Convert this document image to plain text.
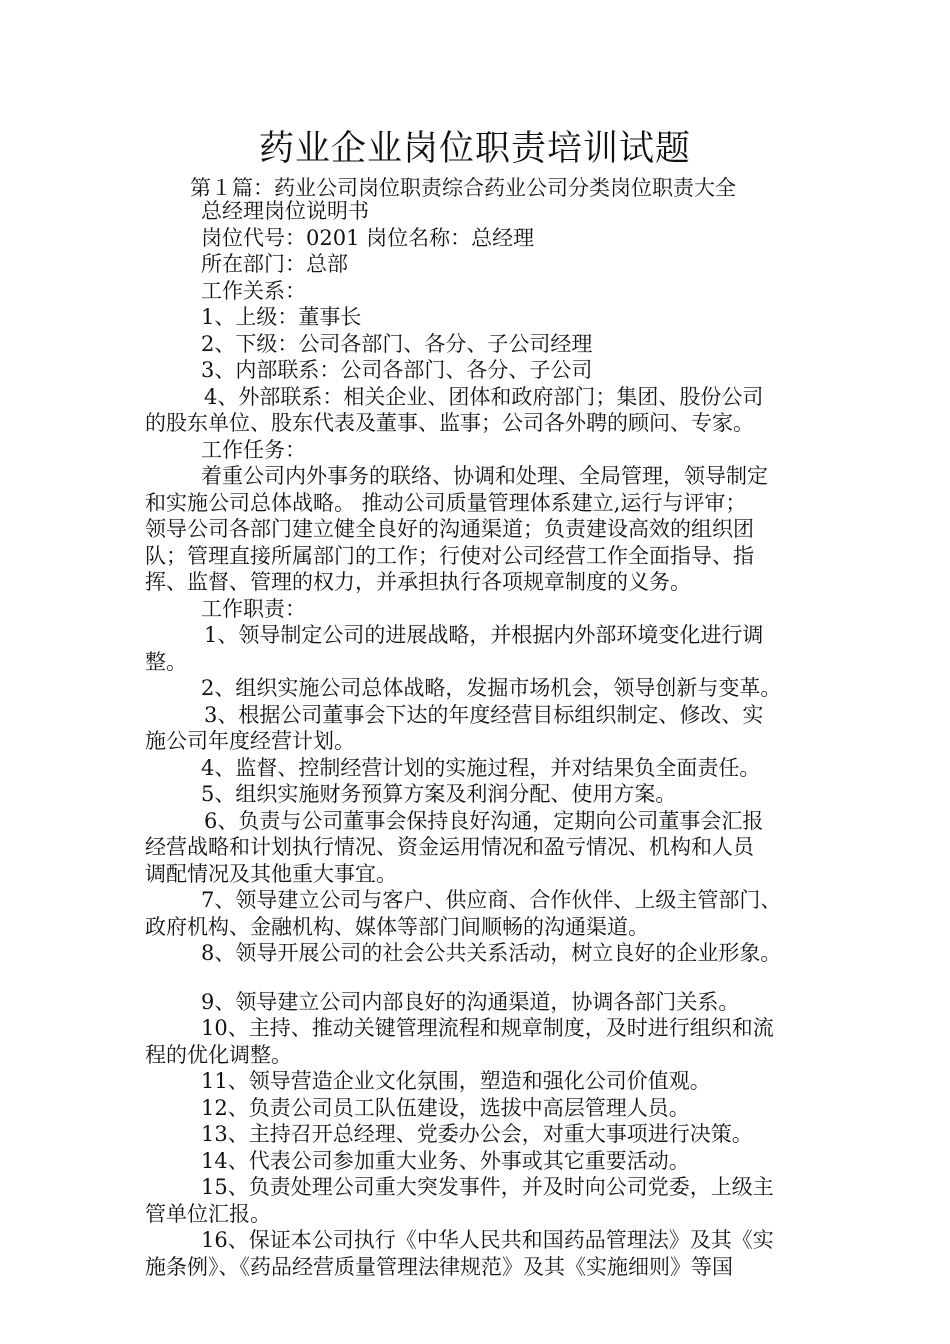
药业企业岗位职责培训试题
第１篇：药业公司岗位职责综合药业公司分类岗位职责大全
总经理岗位说明书
岗位代号：0201 岗位名称：总经理
所在部门：总部
工作关系：
1、上级：董事长
2、下级：公司各部门、各分、子公司经理
3、内部联系：公司各部门、各分、子公司
4、外部联系：相关企业、团体和政府部门；集团、股份公司
的股东单位、股东代表及董事、监事；公司各外聘的顾问、专家。
工作任务：
着重公司内外事务的联络、协调和处理、全局管理，领导制定
和实施公司总体战略。 推动公司质量管理体系建立,运行与评审；
领导公司各部门建立健全良好的沟通渠道；负责建设高效的组织团
队；管理直接所属部门的工作；行使对公司经营工作全面指导、指
挥、监督、管理的权力，并承担执行各项规章制度的义务。
工作职责：
1、领导制定公司的进展战略，并根据内外部环境变化进行调
整。
2、组织实施公司总体战略，发掘市场机会，领导创新与变革。
3、根据公司董事会下达的年度经营目标组织制定、修改、实
施公司年度经营计划。
4、监督、控制经营计划的实施过程，并对结果负全面责任。
5、组织实施财务预算方案及利润分配、使用方案。
6、负责与公司董事会保持良好沟通，定期向公司董事会汇报
经营战略和计划执行情况、资金运用情况和盈亏情况、机构和人员
调配情况及其他重大事宜。
7、领导建立公司与客户、供应商、合作伙伴、上级主管部门、
政府机构、金融机构、媒体等部门间顺畅的沟通渠道。
8、领导开展公司的社会公共关系活动，树立良好的企业形象。
9、领导建立公司内部良好的沟通渠道，协调各部门关系。
10、主持、推动关键管理流程和规章制度，及时进行组织和流
程的优化调整。
11、领导营造企业文化氛围，塑造和强化公司价值观。
12、负责公司员工队伍建设，选拔中高层管理人员。
13、主持召开总经理、党委办公会，对重大事项进行决策。
14、代表公司参加重大业务、外事或其它重要活动。
15、负责处理公司重大突发事件，并及时向公司党委，上级主
管单位汇报。
16、保证本公司执行《中华人民共和国药品管理法》及其《实
施条例》、《药品经营质量管理法律规范》及其《实施细则》等国
